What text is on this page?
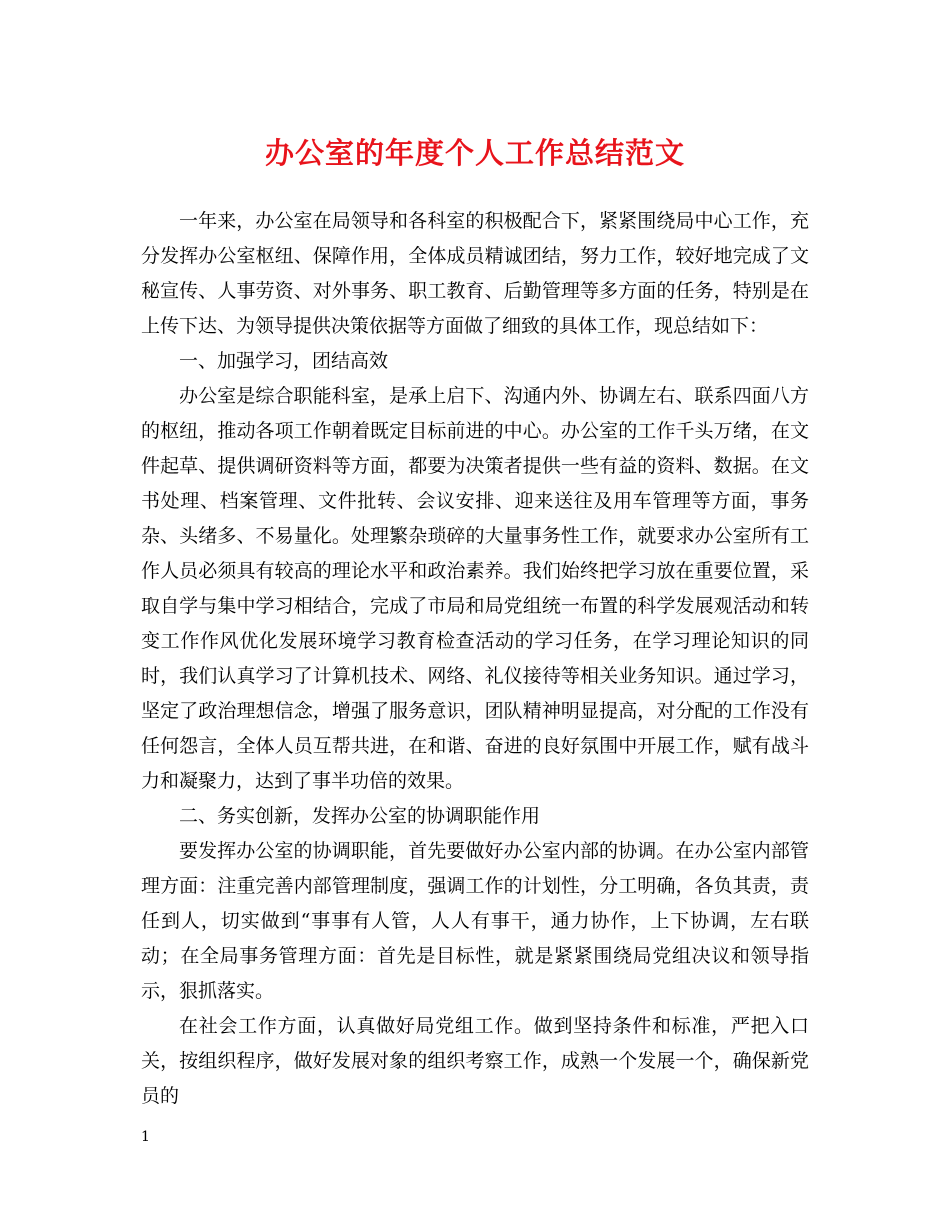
办公室的年度个人工作总结范文

一年来，办公室在局领导和各科室的积极配合下，紧紧围绕局中心工作，充分发挥办公室枢纽、保障作用，全体成员精诚团结，努力工作，较好地完成了文秘宣传、人事劳资、对外事务、职工教育、后勤管理等多方面的任务，特别是在上传下达、为领导提供决策依据等方面做了细致的具体工作，现总结如下：

一、加强学习，团结高效

办公室是综合职能科室，是承上启下、沟通内外、协调左右、联系四面八方的枢纽，推动各项工作朝着既定目标前进的中心。办公室的工作千头万绪，在文件起草、提供调研资料等方面，都要为决策者提供一些有益的资料、数据。在文书处理、档案管理、文件批转、会议安排、迎来送往及用车管理等方面，事务杂、头绪多、不易量化。处理繁杂琐碎的大量事务性工作，就要求办公室所有工作人员必须具有较高的理论水平和政治素养。我们始终把学习放在重要位置，采取自学与集中学习相结合，完成了市局和局党组统一布置的科学发展观活动和转变工作作风优化发展环境学习教育检查活动的学习任务，在学习理论知识的同时，我们认真学习了计算机技术、网络、礼仪接待等相关业务知识。通过学习，坚定了政治理想信念，增强了服务意识，团队精神明显提高，对分配的工作没有任何怨言，全体人员互帮共进，在和谐、奋进的良好氛围中开展工作，赋有战斗力和凝聚力，达到了事半功倍的效果。

二、务实创新，发挥办公室的协调职能作用

要发挥办公室的协调职能，首先要做好办公室内部的协调。在办公室内部管理方面：注重完善内部管理制度，强调工作的计划性，分工明确，各负其责，责任到人，切实做到“事事有人管，人人有事干，通力协作，上下协调，左右联动；在全局事务管理方面：首先是目标性，就是紧紧围绕局党组决议和领导指示，狠抓落实。

在社会工作方面，认真做好局党组工作。做到坚持条件和标准，严把入口关，按组织程序，做好发展对象的组织考察工作，成熟一个发展一个，确保新党员的

1
